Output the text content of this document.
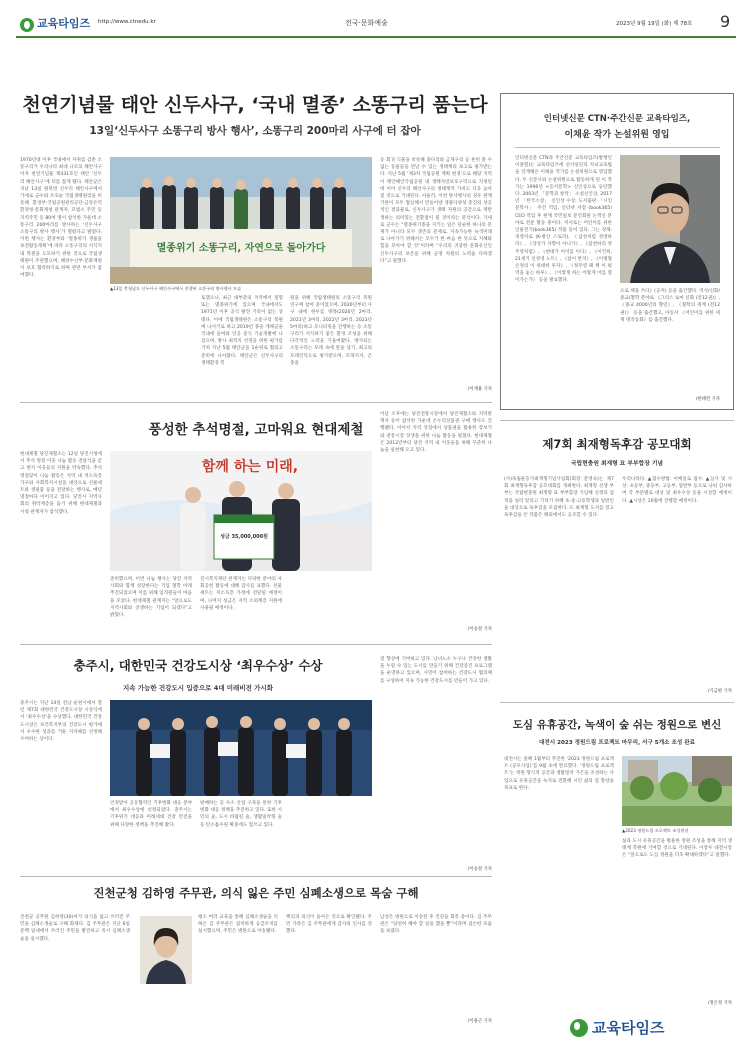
교육타임즈 http://www.ctnedu.kr	전국·문화예술	2023년 9월 19일 (화) 제 78호 9
천연기념물 태안 신두사구, ‘국내 멸종’ 소똥구리 품는다
13일‘신두사구 소똥구리 방사 행사’, 소똥구리 200마리 사구에 터 잡아
1970년대 이후 국내에서 자취를 감춘 소똥구리가 우리나라 최대 규모의 해안사구이자 천연기념물 제431호인 태안 ‘신두리 해안사구’에 터를 잡게 됐다. 태안군은 지난 13일 원북면 신두리 해안사구에서 가세로 군수와 조호순 국립생태원장을 비롯해 환경부·국립공원관리공단·금강유역환경청·문화재청 관계자, 모범소 주민 등 지역주민 등 80여 명이 참석한 가운데 소똥구리 200마리를 방사하는 ‘신두사구 소똥구리 방사 행사’가 열렸다고 밝혔다. 이번 행사는 환경부와 ‘멸종위기 생물을 보전활동계획’에 따라 소똥구리의 서식지 내 복원을 도모하기 위한 것으로 국립생태원이 주관했으며, 해양수산부·문화재청이 보호 협력하기로 하며 관련 부서가 참여했다.
멸종위기 소똥구리, 자연으로 돌아가다
▲13일 충청남도 신두사구 해안사구에서 진행된 소똥구리 방사행사 모습
토했으나, 최근 대부분의 지역에서 절멸 또는 멸종위기에 있으며 국내에서도 1971년 이후 공식 발견 기록이 없는 상태다. 이에 국립생태원은 소똥구리 복원에 나서기로 하고 2019년 몽골 개체군을 국내에 들여와 인공 증식 기술개발에 나섰으며, 방사 최적지 선정을 위한 평가를 거쳐 지난 5월 태안군을 1순위로 협의고 준비에 나서왔다. 태안군은 신두사구의 생태환경 복
원을 위해 국립생태원의 소똥구리 복원 연구에 참여 중이었으며, 2020년부터 사구 내에 한우를 방목(2020년 2마리, 2021년 3마리, 2022년 3마리, 2023년 5마리)하고 모니터링을 진행하는 등 소똥구리가 서식하기 좋은 환경 조성을 위해 다각적인 노력을 기울여왔다. 방사되는 소똥구리는 모래 속에 알을 낳기, 최고의 모래언덕으로 평가받으며, 모래지지, 곤충을
등 회귀 식물을 비롯해 종다리와 금개구리 등 흔히 볼 수 없는 동물들을 만날 수 있는 생태계의 보고로 평가받는다. 지난 5월 ‘제3차 국립공원 계획 변경’으로 해당 지역이 태안해안국립공원 내 생태자연보호구역으로 지정된 데 이어 신두리 해안사구의 생태계적 가치도 더욱 높아질 것으로 기대된다. 아울러, 이번 방사행사의 경우 관계 기관이 모두 협심해서 만들어낸 생물다양성 증진의 성공적인 결과물로, 신두사구가 생태 자원의 공간으로 재탄생하는 의미있는 전환점이 될 것이라는 분석이다. 가세로 군수는 “멸종위기종을 지키는 일은 단순한 하나의 문제가 아니라 모두 생존의 문제로, 지속가능한 녹색미래로 나아가기 위해서는 모두가 한 마음 한 뜻으로 지혜와 힘을 모아야 할 것”이라며 “우리의 귀중한 문화유산인 신두사구의 보존을 위해 군정 차원의 노력을 다하겠다”고 말했다.
/이재용 기자
인터넷신문 CTN·주간신문 교육타임즈,
이채윤 작가 논설위원 영입
인터넷신문 CTN과 주간신문 교육타임즈(발행인 이종렬)는 교육타임즈에 선사일단의 자녀교육법을 연재해온 이채윤 작가를 논설위원으로 영입했다. 두 신문사와 논설위원으로 활동하게 된 이 작가는 1996년 <동서문학> 신인상으로 등단했다. 2003년 「문학과 창작」 소설신인상, 2017년 「한국소설」 신인상 수상, 도서출판 「시인문학사」 주간 역임, 인터넷 서점 (book365) CEO 역임 후 현재 국민일보 문인회원 논객신 분야로 전문 활동 중이다. 저서로는 어린이를 위한 인물전기(book365) 작품 등이 있다. 그는 경제·경영지로 (K-방산 스토리), 《삼성처럼 경영하라》, 《상상가 자향이 아니가》, 《삼천하리 정주영처럼》, 《현대가 이이를 이다》, 《이건희, 21세기 신경영 노트》, 《참이 반지》, 《이병철 손정의 이 위대한 투자》, 《정주영 패 책 이 평역을 놓는 하루》, 《이렇게 하는 어떻게 어를 열어가는가》 등을 발표했다.
으로 책을 쓰다》(공저) 등을 출간했다. 역사/신화/종교/철학 분야로 《그리스 로마 신화 (전12권)》, 《종교 4000년의 향연》, 《철학의 세계 (전12권)》 등을 출간했고, 아동서 《어린이를 위한 세계 명작동화》를 출간했다.
/한태민 기자
풍성한 추석명절, 고마워요 현대제철
현대제철 당진제철소는 12일 당진시청에서 추석 명절 이웃 나눔 활동 전달식을 갖고 현지 이웃들의 지원을 약속했다. 추석 명절맞이 나눔 활동은 지역 내 저소득층 가구와 사회복지시설을 대상으로 선물세트와 생필품 등을 전달하는 행사로, 매년 명절마다 이어지고 있다. 당진시 지역사회의 취약계층을 돕기 위해 현대제철과 시청 관계자가 참석했다.
함께 하는 미래,
성금 35,000,000원
준비했으며, 이번 나눔 행사는 당진 지역사회와 함께 성장한다는 기업 철학 아래 추진되었으며 이를 위해 임직원들이 마음을 모았다. 현대제철 관계자는 “앞으로도 지역사회와 상생하는 기업이 되겠다”고 밝혔다.
진시복지재단 관계자는 다양한 분야의 사회공헌 활동에 대해 감사를 표했다. 선물세트는 저소득층 가정에 전달될 예정이며, 나머지 성금은 지역 소외계층 지원에 사용될 예정이다.
이날 오후에는 당진전통시장에서 당진제철소와 지역관계자 등이 참석한 가운데 온누리상품권 구매 행사도 진행됐다. 이어서 지역 상점에서 상품권을 활용한 장보기와 전통시장 상생을 위한 나눔 활동을 펼쳤다. 현대제철은 2012년부터 당진 지역 내 이웃들을 위해 꾸준히 나눔을 실천해 오고 있다.
/이승철 기자
제7회 최재형독후감 공모대회
국립현충원 최재형 묘 부부합장 기념
(사)독립운동가최재형기념사업회(회장 문영숙)는 제7회 최재형독후감 공모대회를 개최한다. 최재형 선생 부부는 국립현충원 최재형 묘 부부합장 기념해 선생의 업적을 널리 알리고 기리기 위해 초·중·고등학생과 일반인을 대상으로 독후감을 모집한다. 도 최재형 도서를 읽고 독후감을 쓴 작품은 해외에서도 응모할 수 있다.
우리나라다. ▲접수방법: 이메일로 접수. ▲심사 및 시상: 초등부, 중등부, 고등부, 일반부 등으로 나눠 심사하며 각 부문별로 대상 및 최우수상 등을 시상할 예정이다. ▲시상은 10월에 진행할 예정이다.
/기금판 기자
충주시, 대한민국 건강도시상 ‘최우수상’ 수상
지속 가능한 건강도시 입증으로 4대 미래비전 가시화
충주시는 지난 14일 전남 순천시에서 열린 제7회 대한민국 건강도시상 시상식에서 ‘최우수상’을 수상했다. 대한민국 건강도시상은 보건복지부의 건강도시 평가에서 우수한 성과를 거둔 지자체를 선정해 수여하는 상이다.
인정받아 공동협력인 기후변화 대응 분야에서 최우수상에 선정되었다. 충주시는 기후위기 대응과 미래세대 건강 안전을 위해 다양한 정책을 추진해 왔다.
판매하는 등 수소 산업 구축을 통한 기후변화 대응 정책을 추진하고 있다. 또한 시민의 숲, 도시 바람길 숲, 생활밀착형 숲 등 탄소흡수원 확충에도 힘쓰고 있다.
점 향상에 기여하고 있다. 남녀노소 누구나 건강한 생활을 누릴 수 있는 도시를 만들기 위해 건강증진 프로그램을 운영하고 있으며, 시민이 참여하는 건강도시 협의체를 구성하여 지속 가능한 건강도시를 만들어 가고 있다.
/이승철 기자
도심 유휴공간, 녹색이 숲 쉬는 정원으로 변신
대전시 2023 정원드림 프로젝트 마무리, 서구 5개소 조성 완료
대전시는 올해 1월부터 추진한 ‘2023 정원드림 프로젝트 (공모사업)’를 9월 초에 완료했다. ‘정원드림 프로젝트’는 정원 형식적 공간과 생활밀착 가든을 조성하는 사업으로 유휴공간을 녹지로 전환해 시민 삶의 질 향상을 목표로 한다.
▲2023 정원드림 프로젝트 조성현장
실과 도시 유휴공간을 활용한 정원 조성을 통해 지역 생태계 복원에 기여할 것으로 기대된다. 이장우 대전시장은 “앞으로도 도심 정원을 더욱 확대하겠다”고 말했다.
/정은정 기자
진천군청 김하영 주무관, 의식 잃은 주민 심폐소생으로 목숨 구해
진천군 공무원 김하영(30)씨가 의식을 잃고 쓰러진 주민을 심폐소생술로 구해 화제다. 김 주무관은 지난 6일 문백 일대에서 쓰러진 주민을 발견하고 즉시 심폐소생술을 실시했다.
평소 여러 교육을 통해 심폐소생술을 익혀온 김 주무관은 침착하게 응급조치를 실시했으며, 주민은 병원으로 이송됐다.
핵의과 의식이 돌아온 것으로 확인됐다. 주민 가족은 김 주무관에게 감사의 인사를 전했다.
남성은 병원으로 이송된 후 건강을 회복 중이다. 김 주무관은 “당연히 해야 할 일을 했을 뿐”이라며 겸손한 모습을 보였다.
/이용근 기자	교육타임즈
